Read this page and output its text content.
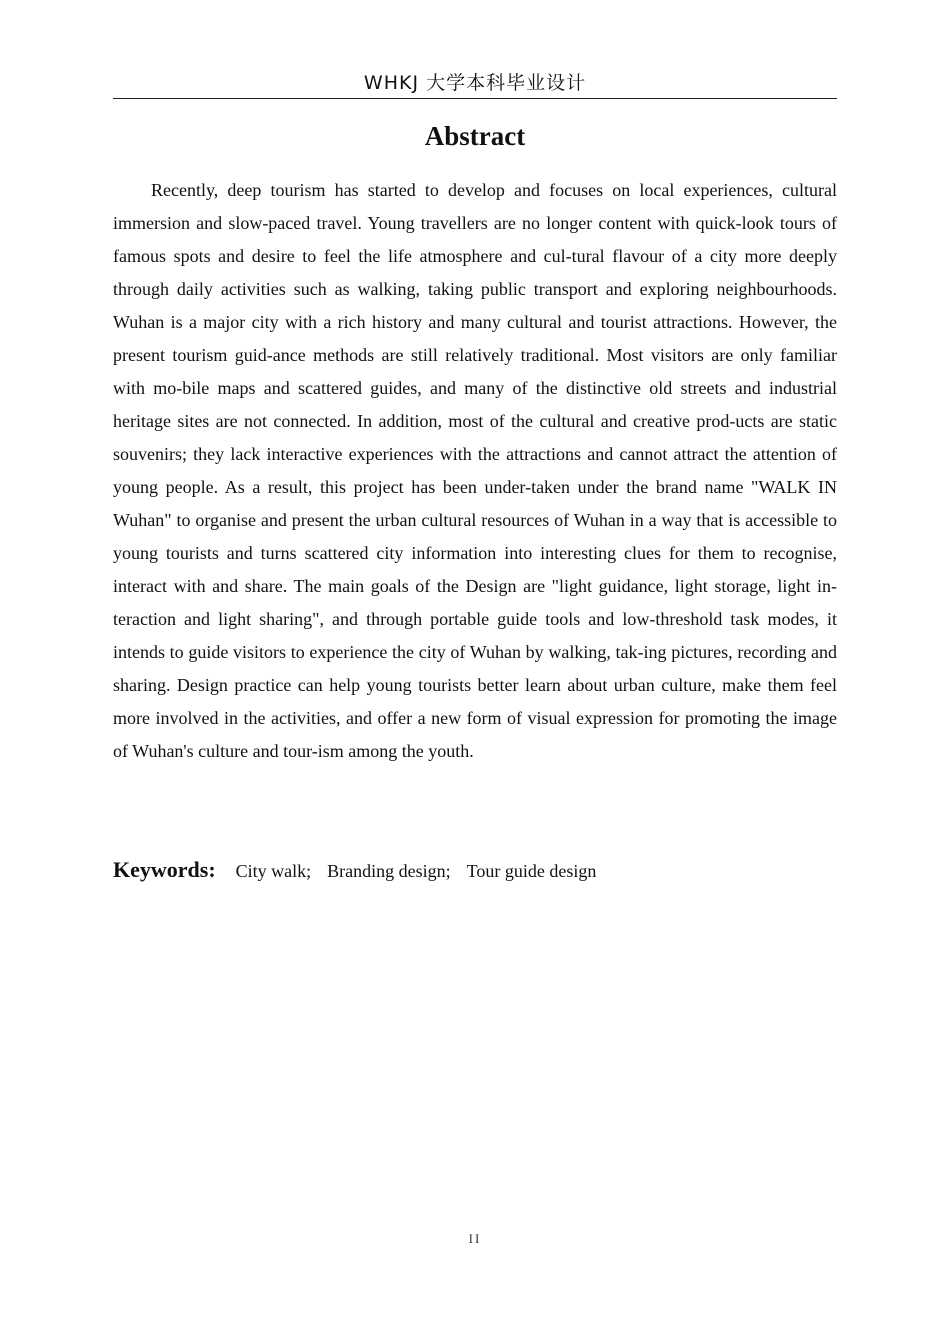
WHKJ 大学本科毕业设计
Abstract

Recently, deep tourism has started to develop and focuses on local experiences, cultural immersion and slow-paced travel. Young travellers are no longer content with quick-look tours of famous spots and desire to feel the life atmosphere and cul-tural flavour of a city more deeply through daily activities such as walking, taking public transport and exploring neighbourhoods. Wuhan is a major city with a rich history and many cultural and tourist attractions. However, the present tourism guid-ance methods are still relatively traditional. Most visitors are only familiar with mo-bile maps and scattered guides, and many of the distinctive old streets and industrial heritage sites are not connected. In addition, most of the cultural and creative prod-ucts are static souvenirs; they lack interactive experiences with the attractions and cannot attract the attention of young people. As a result, this project has been under-taken under the brand name "WALK IN Wuhan" to organise and present the urban cultural resources of Wuhan in a way that is accessible to young tourists and turns scattered city information into interesting clues for them to recognise, interact with and share. The main goals of the Design are "light guidance, light storage, light in-teraction and light sharing", and through portable guide tools and low-threshold task modes, it intends to guide visitors to experience the city of Wuhan by walking, tak-ing pictures, recording and sharing. Design practice can help young tourists better learn about urban culture, make them feel more involved in the activities, and offer a new form of visual expression for promoting the image of Wuhan's culture and tour-ism among the youth.

Keywords: City walk; Branding design; Tour guide design
II
